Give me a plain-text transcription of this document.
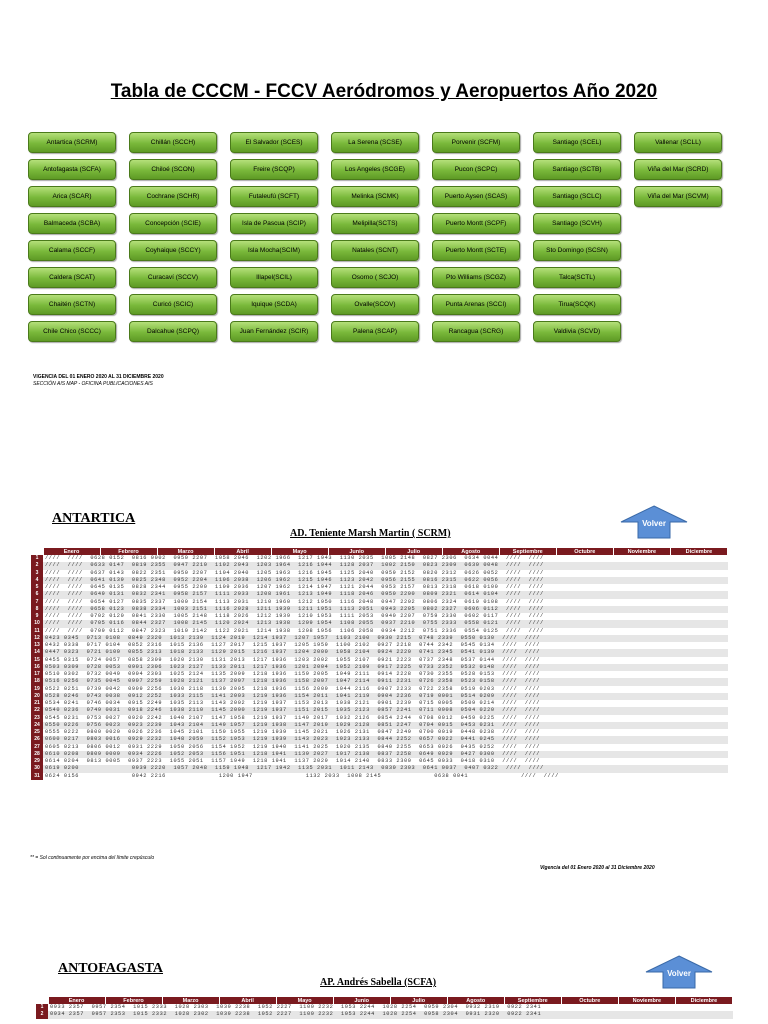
Tabla de CCCM - FCCV Aeródromos y Aeropuertos Año 2020
Antartica (SCRM)
Antofagasta (SCFA)
Arica (SCAR)
Balmaceda (SCBA)
Calama (SCCF)
Caldera (SCAT)
Chaitén (SCTN)
Chile Chico (SCCC)
Chillán (SCCH)
Chiloé (SCON)
Cochrane (SCHR)
Concepción (SCIE)
Coyhaique (SCCY)
Curacaví (SCCV)
Curicó (SCIC)
Dalcahue (SCPQ)
El Salvador (SCES)
Freire (SCQP)
Futaleufú (SCFT)
Isla de Pascua (SCIP)
Isla Mocha(SCIM)
Illapel(SCIL)
Iquique (SCDA)
Juan Fernández (SCIR)
La Serena (SCSE)
Los Angeles (SCGE)
Melinka (SCMK)
Melipilla(SCTS)
Natales (SCNT)
Osorno ( SCJO)
Ovalle(SCOV)
Palena (SCAP)
Porvenir (SCFM)
Pucon (SCPC)
Puerto Aysen (SCAS)
Puerto Montt (SCPF)
Puerto Montt (SCTE)
Pto Williams (SCGZ)
Punta Arenas (SCCI)
Rancagua (SCRG)
Santiago (SCEL)
Santiago (SCTB)
Santiago (SCLC)
Santiago (SCVH)
Sto Domingo (SCSN)
Talca(SCTL)
Tirua(SCQK)
Valdivia (SCVD)
Vallenar (SCLL)
Viña del Mar (SCRD)
Viña del Mar (SCVM)
VIGENCIA DEL 01 ENERO 2020 AL 31 DICIEMBRE 2020
SECCIÓN AIS MAP - OFICINA PUBLICACIONES AIS
ANTARTICA
AD. Teniente Marsh Martin ( SCRM)
Volver
	Enero	Febrero	Marzo	Abril	Mayo	Junio	Julio	Agosto	Septiembre	Octubre	Noviembre	Diciembre
1	////  ////  0628 0152  0816 0002  0950 2207  1058 2046  1202 1966  1217 1943  1130 2035  1005 2148  0827 2306  0634 0044  ////  ////											
2	////  ////  0633 0147  0819 2355  0947 2210  1102 2043  1203 1964  1216 1944  1128 2037  1002 2150  0823 2309  0630 0048  ////  ////											
3	////  ////  0637 0143  0822 2351  0950 2207  1104 2040  1205 1963  1216 1945  1125 2040  0959 2152  0820 2312  0626 0052  ////  ////											
4	////  ////  0641 0139  0825 2348  0952 2204  1106 2038  1206 1962  1215 1946  1123 2042  0956 2155  0816 2315  0622 0056  ////  ////											
5	////  ////  0645 0135  0828 2344  0955 2200  1109 2036  1207 1962  1214 1947  1121 2044  0953 2157  0813 2318  0618 0100  ////  ////											
6	////  ////  0649 0131  0832 2341  0958 2157  1111 2033  1208 1961  1213 1949  1118 2046  0950 2200  0809 2321  0614 0104  ////  ////											
7	////  ////  0654 0127  0835 2337  1000 2154  1113 2031  1210 1960  1212 1950  1116 2048  0947 2202  0806 2324  0610 0108  ////  ////											
8	////  ////  0658 0123  0838 2334  1003 2151  1116 2028  1211 1939  1211 1951  1113 2051  0943 2205  0802 2327  0606 0112  ////  ////											
9	////  ////  0702 0120  0841 2330  1005 2148  1118 2026  1212 1939  1210 1953  1111 2053  0940 2207  0759 2330  0602 0117  ////  ////											
10	////  ////  0705 0116  0844 2327  1008 2145  1120 2024  1213 1938  1209 1954  1108 2055  0937 2210  0755 2333  0558 0121  ////  ////											
11	////  ////  0709 0112  0847 2323  1010 2142  1122 2021  1214 1938  1208 1956  1106 2058  0934 2212  0751 2336  0554 0125  ////  ////											
12	0423 0345  0713 0108  0849 2320  1013 2139  1124 2019  1214 1937  1207 1957  1103 2100  0930 2215  0748 2339  0550 0130  ////  ////											
13	0432 0338  0717 0104  0852 2316  1015 2136  1127 2017  1215 1937  1205 1959  1100 2102  0927 2218  0744 2342  0545 0134  ////  ////											
14	0447 0323  0721 0100  0855 2313  1018 2133  1129 2015  1216 1937  1204 2000  1058 2104  0924 2220  0741 2345  0541 0139  ////  ////											
15	0455 0315  0724 0057  0858 2309  1020 2130  1131 2013  1217 1936  1203 2002  1055 2107  0921 2223  0737 2348  0537 0144  ////  ////											
16	0503 0309  0728 0053  0901 2306  1023 2127  1133 2011  1217 1936  1201 2004  1052 2109  0917 2225  0733 2352  0532 0148  ////  ////											
17	0510 0302  0732 0049  0904 2303  1025 2124  1135 2009  1218 1936  1159 2005  1049 2111  0914 2228  0730 2355  0528 0153  ////  ////											
18	0516 0256  0735 0045  0907 2259  1028 2121  1137 2007  1218 1936  1158 2007  1047 2114  0911 2231  0726 2358  0523 0158  ////  ////											
19	0522 0251  0739 0042  0909 2256  1030 2118  1139 2005  1218 1936  1156 2009  1044 2116  0907 2233  0722 2358  0519 0203  ////  ////											
20	0528 0246  0743 0038  0912 2252  1033 2115  1141 2003  1219 1936  1154 2011  1041 2119  0904 2236  0719 0001  0514 0209  ////  ////											
21	0534 0241  0746 0034  0915 2249  1035 2113  1143 2002  1219 1937  1153 2013  1038 2121  0901 2239  0715 0005  0509 0214  ////  ////											
22	0540 0236  0749 0031  0918 2246  1038 2110  1145 2000  1219 1937  1151 2015  1035 2123  0857 2241  0711 0008  0504 0220  ////  ////											
23	0545 0231  0753 0027  0920 2242  1040 2107  1147 1958  1219 1937  1149 2017  1032 2126  0854 2244  0708 0012  0459 0225  ////  ////											
24	0550 0226  0756 0023  0923 2239  1043 2104  1149 1957  1219 1938  1147 2019  1029 2128  0851 2247  0704 0015  0453 0231  ////  ////											
25	0555 0222  0800 0020  0926 2236  1045 2101  1150 1955  1219 1939  1145 2021  1026 2131  0847 2249  0700 0019  0448 0238  ////  ////											
26	0600 0217  0803 0016  0929 2232  1048 2059  1152 1953  1219 1939  1143 2023  1023 2133  0844 2252  0657 0022  0441 0245  ////  ////											
27	0605 0213  0806 0012  0931 2229  1050 2056  1154 1952  1219 1940  1141 2025  1020 2135  0840 2255  0653 0026  0435 0252  ////  ////											
28	0610 0208  0809 0009  0934 2226  1052 2053  1156 1951  1218 1941  1139 2027  1017 2138  0837 2258  0649 0029  0427 0300  ////  ////											
29	0614 0204  0813 0005  0937 2223  1055 2051  1157 1949  1218 1941  1137 2029  1014 2140  0833 2300  0645 0033  0418 0310  ////  ////											
30	0619 0200              0939 2220  1057 2048  1159 1948  1217 1942  1135 2031  1011 2143  0830 2303  0641 0037  0407 0322  ////  ////											
31	0624 0156              0942 2216              1200 1947              1132 2033  1008 2145              0638 0041              ////  ////											
** = Sol continuamente por encima del límite crepúsculo
Vigencia del 01 Enero 2020 al 31 Diciembre 2020
ANTOFAGASTA
AP. Andrés Sabella (SCFA)
Volver
	Enero	Febrero	Marzo	Abril	Mayo	Junio	Julio	Agosto	Septiembre	Octubre	Noviembre	Diciembre
1	0933 2357  0957 2354  1015 2333  1028 2303  1039 2238  1052 2227  1100 2232  1053 2244  1028 2254  0959 2304  0932 2319  0922 2341											
2	0934 2357  0957 2353  1015 2332  1028 2302  1039 2238  1052 2227  1100 2232  1053 2244  1028 2254  0958 2304  0931 2320  0922 2341											
